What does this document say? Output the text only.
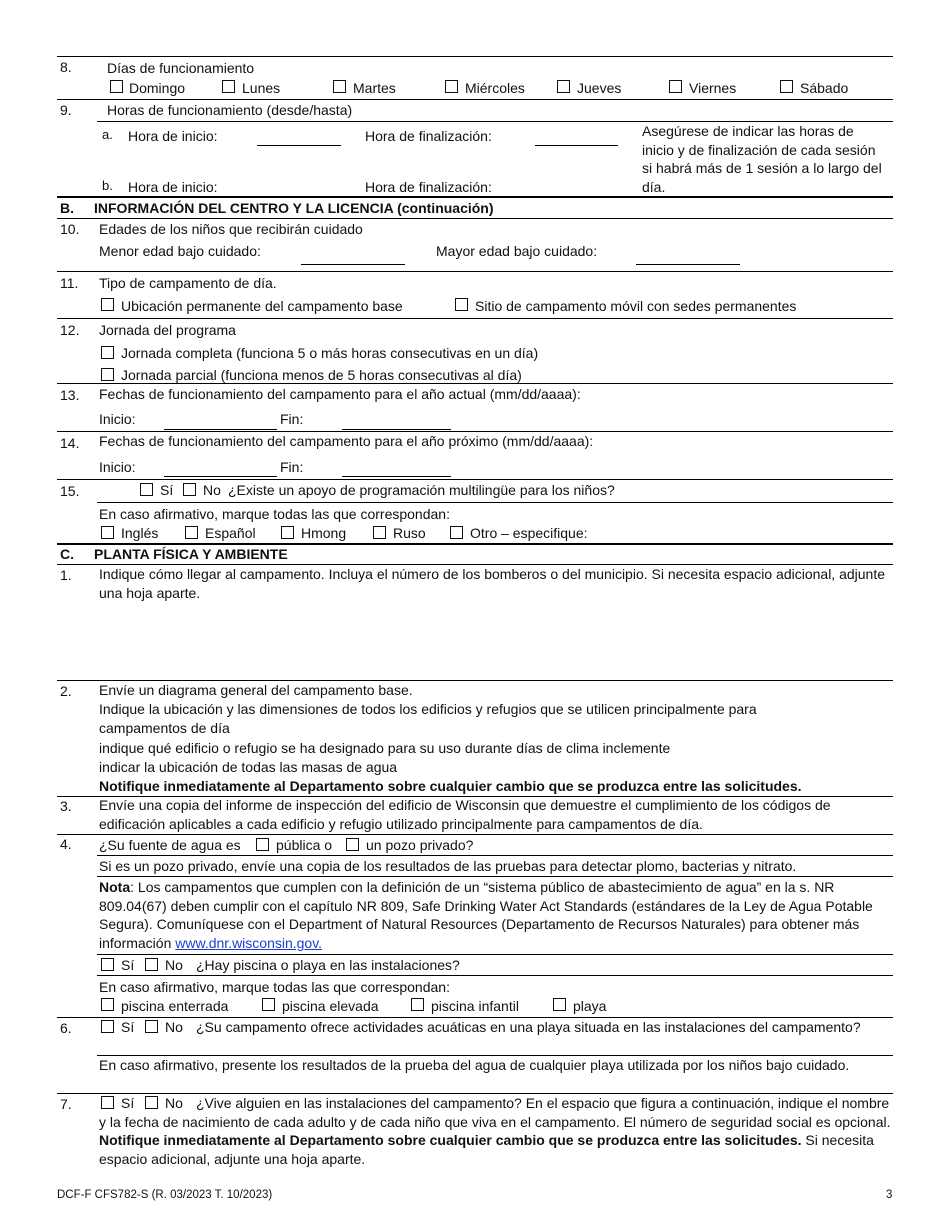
8.	Días de funcionamiento
Domingo	Lunes	Martes	Miércoles	Jueves	Viernes	Sábado
9.	Horas de funcionamiento (desde/hasta)
a. Hora de inicio:	Hora de finalización:	Asegúrese de indicar las horas de inicio y de finalización de cada sesión si habrá más de 1 sesión a lo largo del día.
b. Hora de inicio:	Hora de finalización:
B. INFORMACIÓN DEL CENTRO Y LA LICENCIA (continuación)
10. Edades de los niños que recibirán cuidado
Menor edad bajo cuidado:	Mayor edad bajo cuidado:
11. Tipo de campamento de día.
Ubicación permanente del campamento base	Sitio de campamento móvil con sedes permanentes
12. Jornada del programa
Jornada completa (funciona 5 o más horas consecutivas en un día)
Jornada parcial (funciona menos de 5 horas consecutivas al día)
13. Fechas de funcionamiento del campamento para el año actual (mm/dd/aaaa):
Inicio:	Fin:
14. Fechas de funcionamiento del campamento para el año próximo (mm/dd/aaaa):
Inicio:	Fin:
15.	Sí No ¿Existe un apoyo de programación multilingüe para los niños?
En caso afirmativo, marque todas las que correspondan:
Inglés	Español	Hmong	Ruso	Otro – especifique:
C. PLANTA FÍSICA Y AMBIENTE
1. Indique cómo llegar al campamento. Incluya el número de los bomberos o del municipio. Si necesita espacio adicional, adjunte una hoja aparte.
2. Envíe un diagrama general del campamento base.
Indique la ubicación y las dimensiones de todos los edificios y refugios que se utilicen principalmente para campamentos de día
indique qué edificio o refugio se ha designado para su uso durante días de clima inclemente
indicar la ubicación de todas las masas de agua
Notifique inmediatamente al Departamento sobre cualquier cambio que se produzca entre las solicitudes.
3. Envíe una copia del informe de inspección del edificio de Wisconsin que demuestre el cumplimiento de los códigos de edificación aplicables a cada edificio y refugio utilizado principalmente para campamentos de día.
4. ¿Su fuente de agua es	pública o un pozo privado?
Si es un pozo privado, envíe una copia de los resultados de las pruebas para detectar plomo, bacterias y nitrato.
Nota: Los campamentos que cumplen con la definición de un “sistema público de abastecimiento de agua” en la s. NR 809.04(67) deben cumplir con el capítulo NR 809, Safe Drinking Water Act Standards (estándares de la Ley de Agua Potable Segura). Comuníquese con el Department of Natural Resources (Departamento de Recursos Naturales) para obtener más información www.dnr.wisconsin.gov.
Sí No ¿Hay piscina o playa en las instalaciones?
En caso afirmativo, marque todas las que correspondan:
piscina enterrada	piscina elevada	piscina infantil	playa
6.	Sí No ¿Su campamento ofrece actividades acuáticas en una playa situada en las instalaciones del campamento?
En caso afirmativo, presente los resultados de la prueba del agua de cualquier playa utilizada por los niños bajo cuidado.
7.	Sí No ¿Vive alguien en las instalaciones del campamento? En el espacio que figura a continuación, indique el nombre y la fecha de nacimiento de cada adulto y de cada niño que viva en el campamento. El número de seguridad social es opcional. Notifique inmediatamente al Departamento sobre cualquier cambio que se produzca entre las solicitudes. Si necesita espacio adicional, adjunte una hoja aparte.
DCF-F CFS782-S (R. 03/2023 T. 10/2023)	3
